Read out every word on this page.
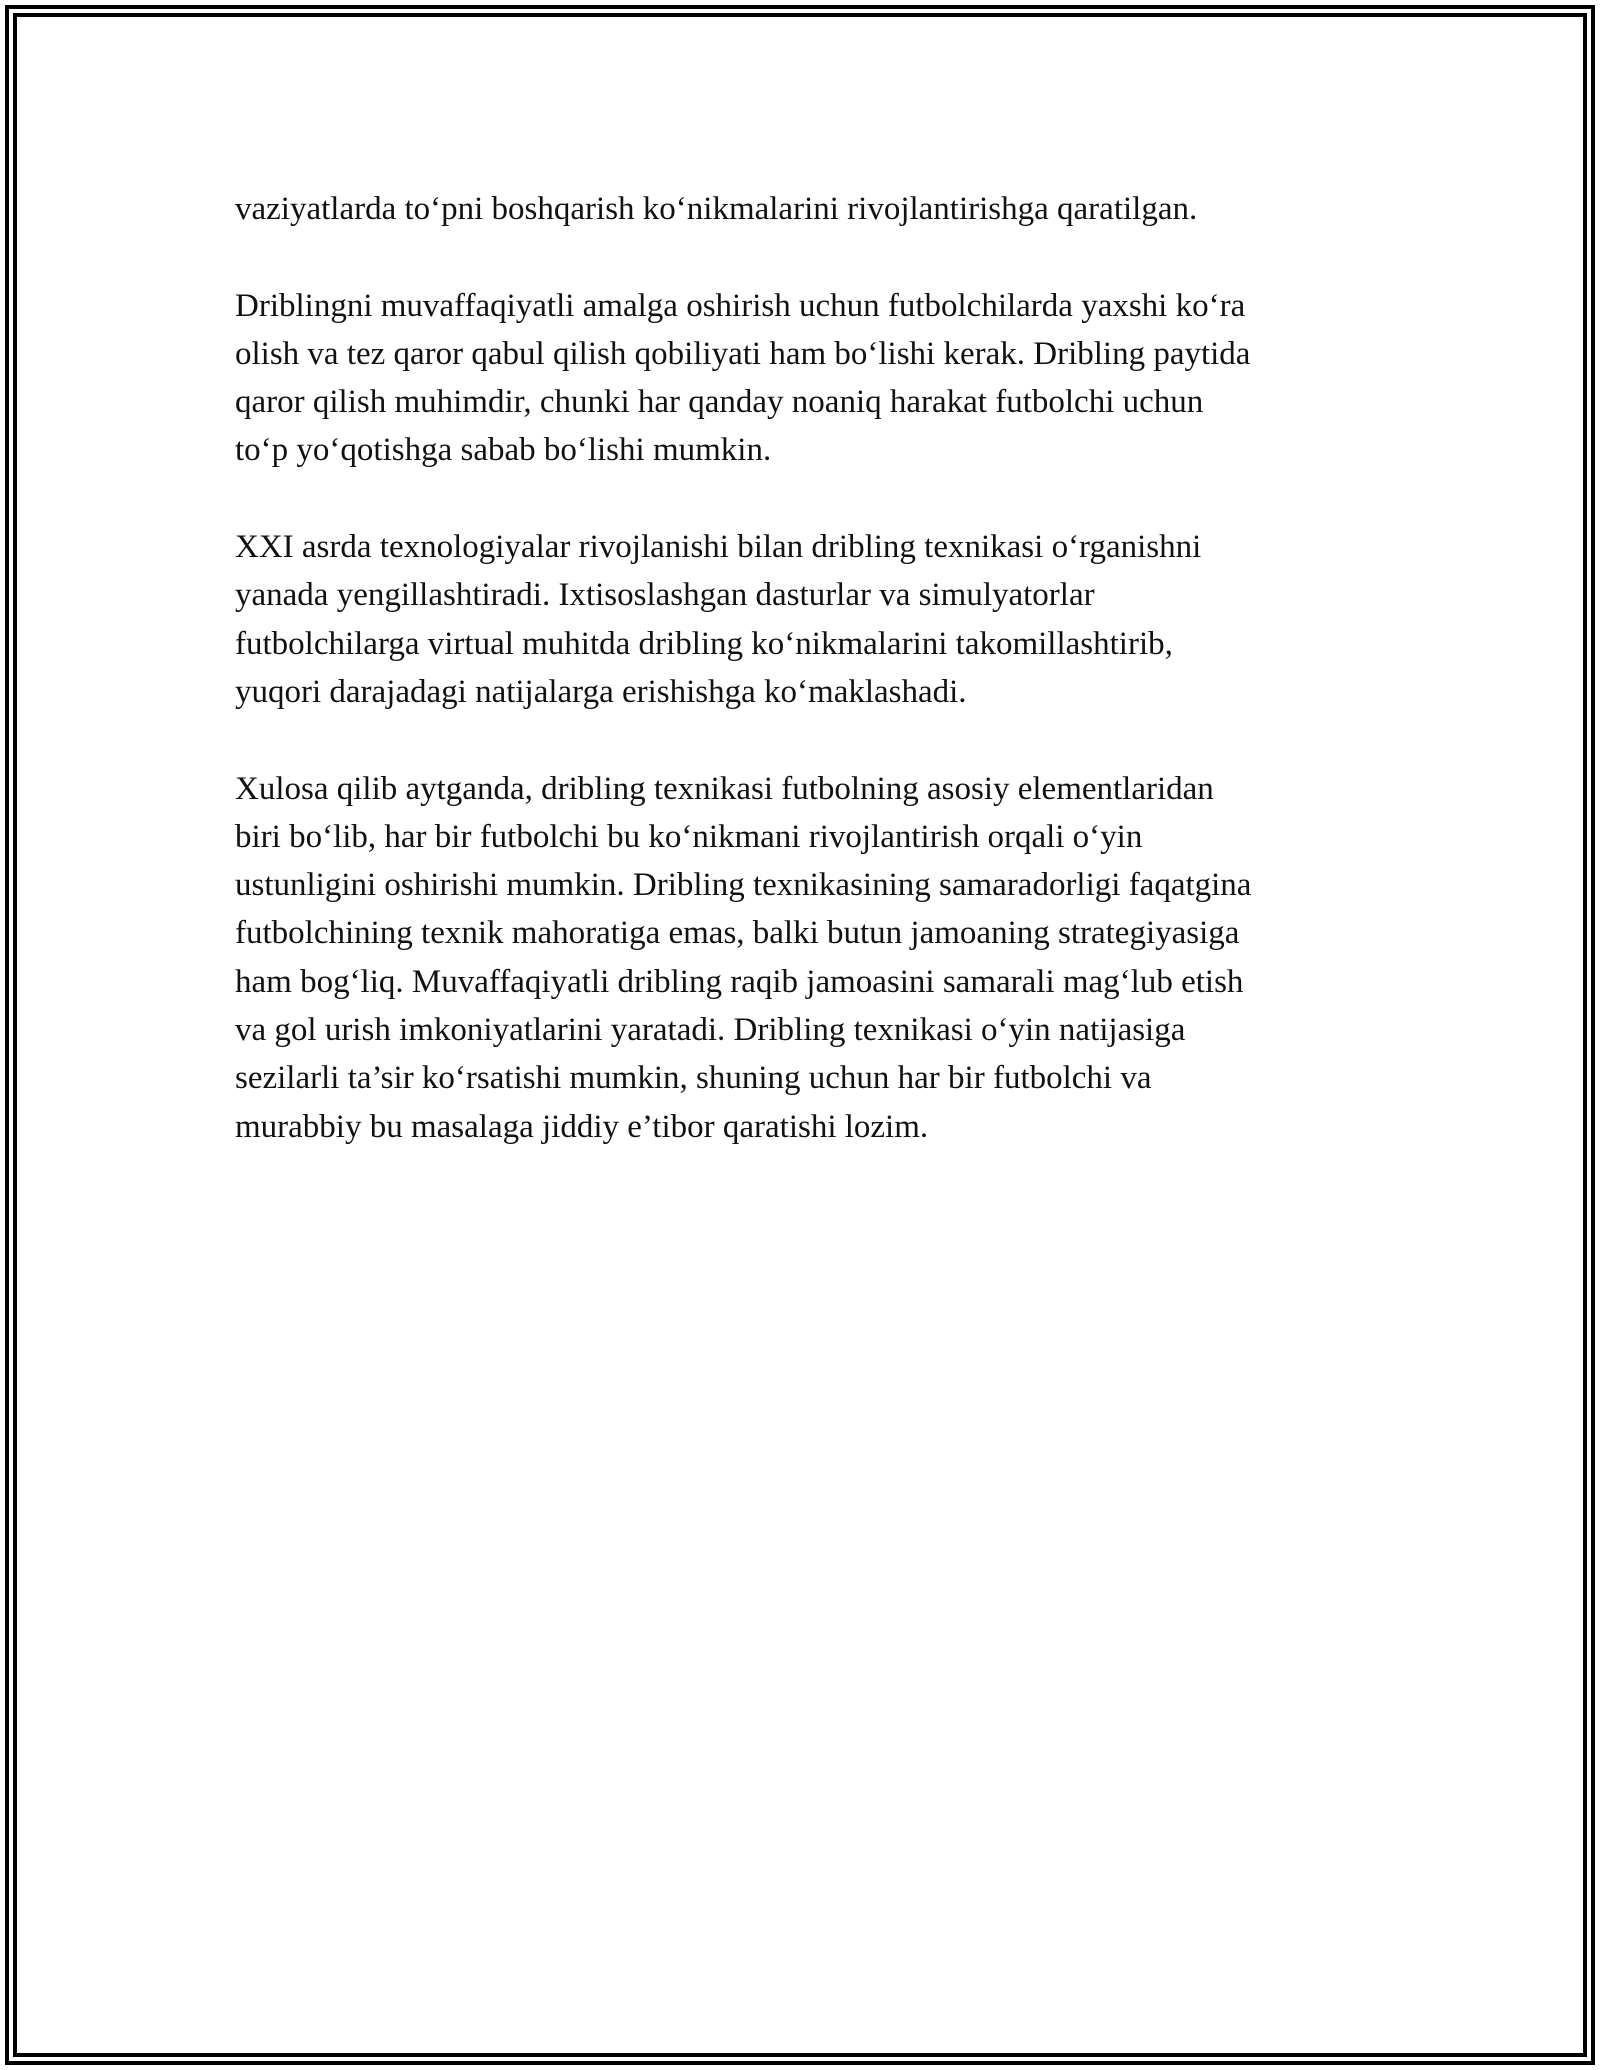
vaziyatlarda to‘pni boshqarish ko‘nikmalarini rivojlantirishga qaratilgan.

Driblingni muvaffaqiyatli amalga oshirish uchun futbolchilarda yaxshi ko‘ra
olish va tez qaror qabul qilish qobiliyati ham bo‘lishi kerak. Dribling paytida
qaror qilish muhimdir, chunki har qanday noaniq harakat futbolchi uchun
to‘p yo‘qotishga sabab bo‘lishi mumkin.

XXI asrda texnologiyalar rivojlanishi bilan dribling texnikasi o‘rganishni
yanada yengillashtiradi. Ixtisoslashgan dasturlar va simulyatorlar
futbolchilarga virtual muhitda dribling ko‘nikmalarini takomillashtirib,
yuqori darajadagi natijalarga erishishga ko‘maklashadi.

Xulosa qilib aytganda, dribling texnikasi futbolning asosiy elementlaridan
biri bo‘lib, har bir futbolchi bu ko‘nikmani rivojlantirish orqali o‘yin
ustunligini oshirishi mumkin. Dribling texnikasining samaradorligi faqatgina
futbolchining texnik mahoratiga emas, balki butun jamoaning strategiyasiga
ham bog‘liq. Muvaffaqiyatli dribling raqib jamoasini samarali mag‘lub etish
va gol urish imkoniyatlarini yaratadi. Dribling texnikasi o‘yin natijasiga
sezilarli ta’sir ko‘rsatishi mumkin, shuning uchun har bir futbolchi va
murabbiy bu masalaga jiddiy e’tibor qaratishi lozim.
